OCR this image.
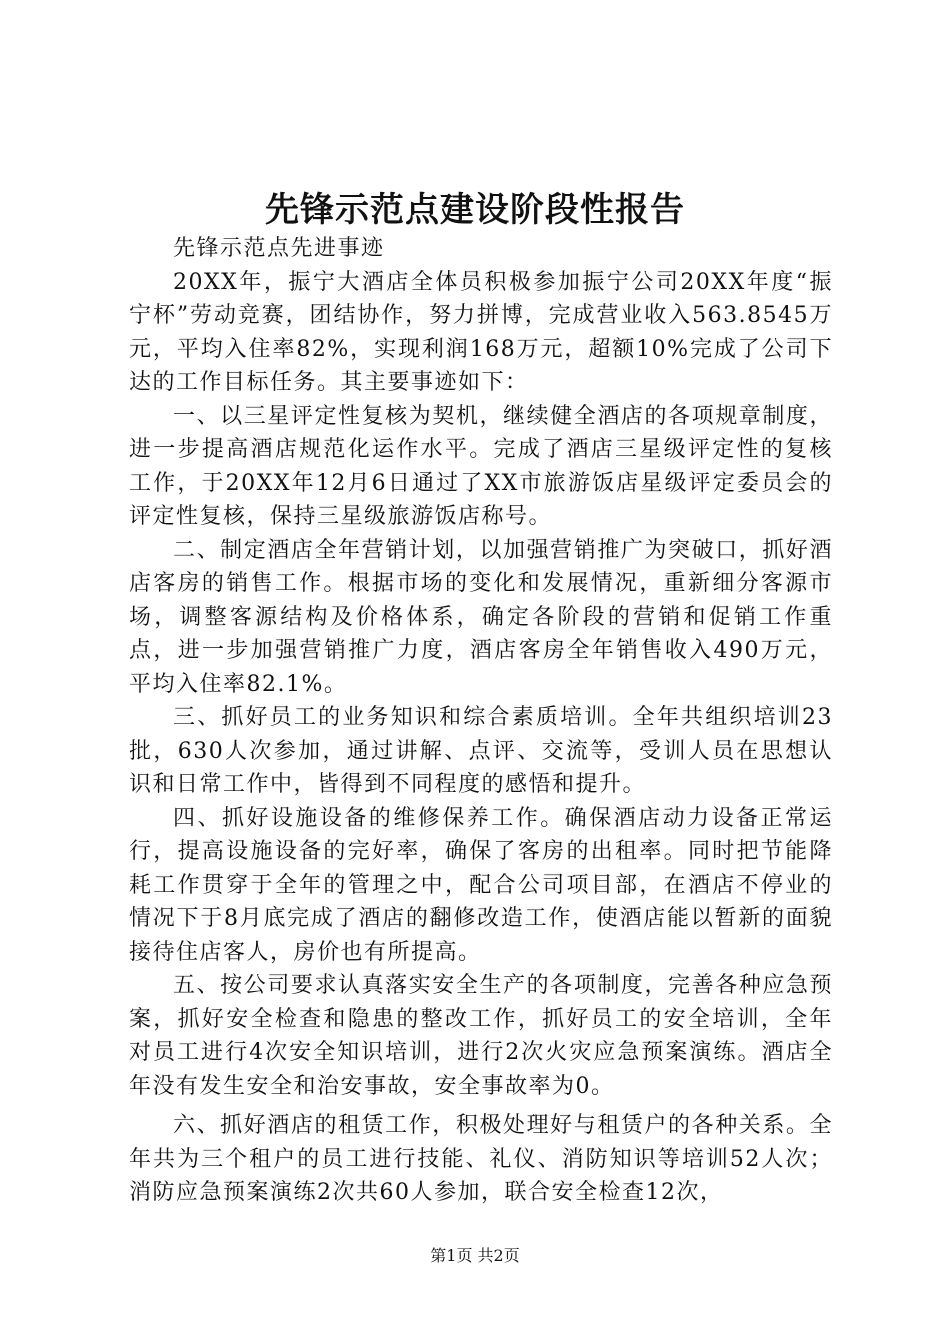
先锋示范点建设阶段性报告

先锋示范点先进事迹

20XX年，振宁大酒店全体员积极参加振宁公司20XX年度“振宁杯”劳动竞赛，团结协作，努力拼博，完成营业收入563.8545万元，平均入住率82%，实现利润168万元，超额10%完成了公司下达的工作目标任务。其主要事迹如下：

一、以三星评定性复核为契机，继续健全酒店的各项规章制度，进一步提高酒店规范化运作水平。完成了酒店三星级评定性的复核工作，于20XX年12月6日通过了XX市旅游饭店星级评定委员会的评定性复核，保持三星级旅游饭店称号。

二、制定酒店全年营销计划，以加强营销推广为突破口，抓好酒店客房的销售工作。根据市场的变化和发展情况，重新细分客源市场，调整客源结构及价格体系，确定各阶段的营销和促销工作重点，进一步加强营销推广力度，酒店客房全年销售收入490万元，平均入住率82.1%。

三、抓好员工的业务知识和综合素质培训。全年共组织培训23批，630人次参加，通过讲解、点评、交流等，受训人员在思想认识和日常工作中，皆得到不同程度的感悟和提升。

四、抓好设施设备的维修保养工作。确保酒店动力设备正常运行，提高设施设备的完好率，确保了客房的出租率。同时把节能降耗工作贯穿于全年的管理之中，配合公司项目部，在酒店不停业的情况下于8月底完成了酒店的翻修改造工作，使酒店能以暂新的面貌接待住店客人，房价也有所提高。

五、按公司要求认真落实安全生产的各项制度，完善各种应急预案，抓好安全检查和隐患的整改工作，抓好员工的安全培训，全年对员工进行4次安全知识培训，进行2次火灾应急预案演练。酒店全年没有发生安全和治安事故，安全事故率为0。

六、抓好酒店的租赁工作，积极处理好与租赁户的各种关系。全年共为三个租户的员工进行技能、礼仪、消防知识等培训52人次；消防应急预案演练2次共60人参加，联合安全检查12次，

第1页 共2页
